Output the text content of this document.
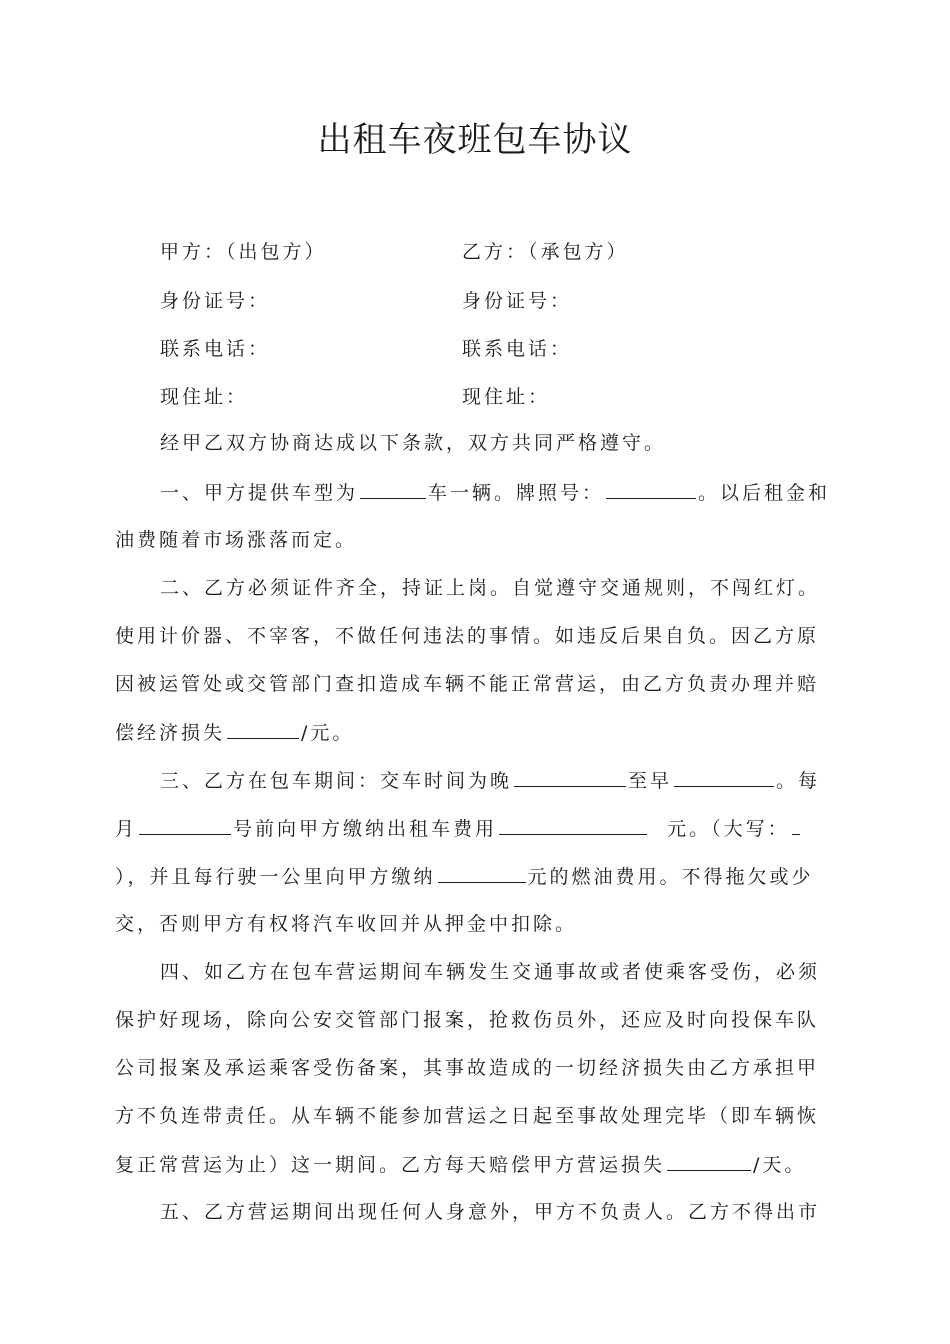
出租车夜班包车协议
甲方：（出包方）	乙方：（承包方）
身份证号：	身份证号：
联系电话：	联系电话：
现住址：	现住址：
经甲乙双方协商达成以下条款，双方共同严格遵守。
一、甲方提供车型为	车一辆。牌照号：	。以后租金和
油费随着市场涨落而定。
二、乙方必须证件齐全，持证上岗。自觉遵守交通规则，不闯红灯。
使用计价器、不宰客，不做任何违法的事情。如违反后果自负。因乙方原
因被运管处或交管部门查扣造成车辆不能正常营运，由乙方负责办理并赔
偿经济损失	/元。
三、乙方在包车期间：交车时间为晚	至早	。每
月	号前向甲方缴纳出租车费用	元。（大写：
），并且每行驶一公里向甲方缴纳	元的燃油费用。不得拖欠或少
交，否则甲方有权将汽车收回并从押金中扣除。
四、如乙方在包车营运期间车辆发生交通事故或者使乘客受伤，必须
保护好现场，除向公安交管部门报案，抢救伤员外，还应及时向投保车队
公司报案及承运乘客受伤备案，其事故造成的一切经济损失由乙方承担甲
方不负连带责任。从车辆不能参加营运之日起至事故处理完毕（即车辆恢
复正常营运为止）这一期间。乙方每天赔偿甲方营运损失	/天。
五、乙方营运期间出现任何人身意外，甲方不负责人。乙方不得出市
